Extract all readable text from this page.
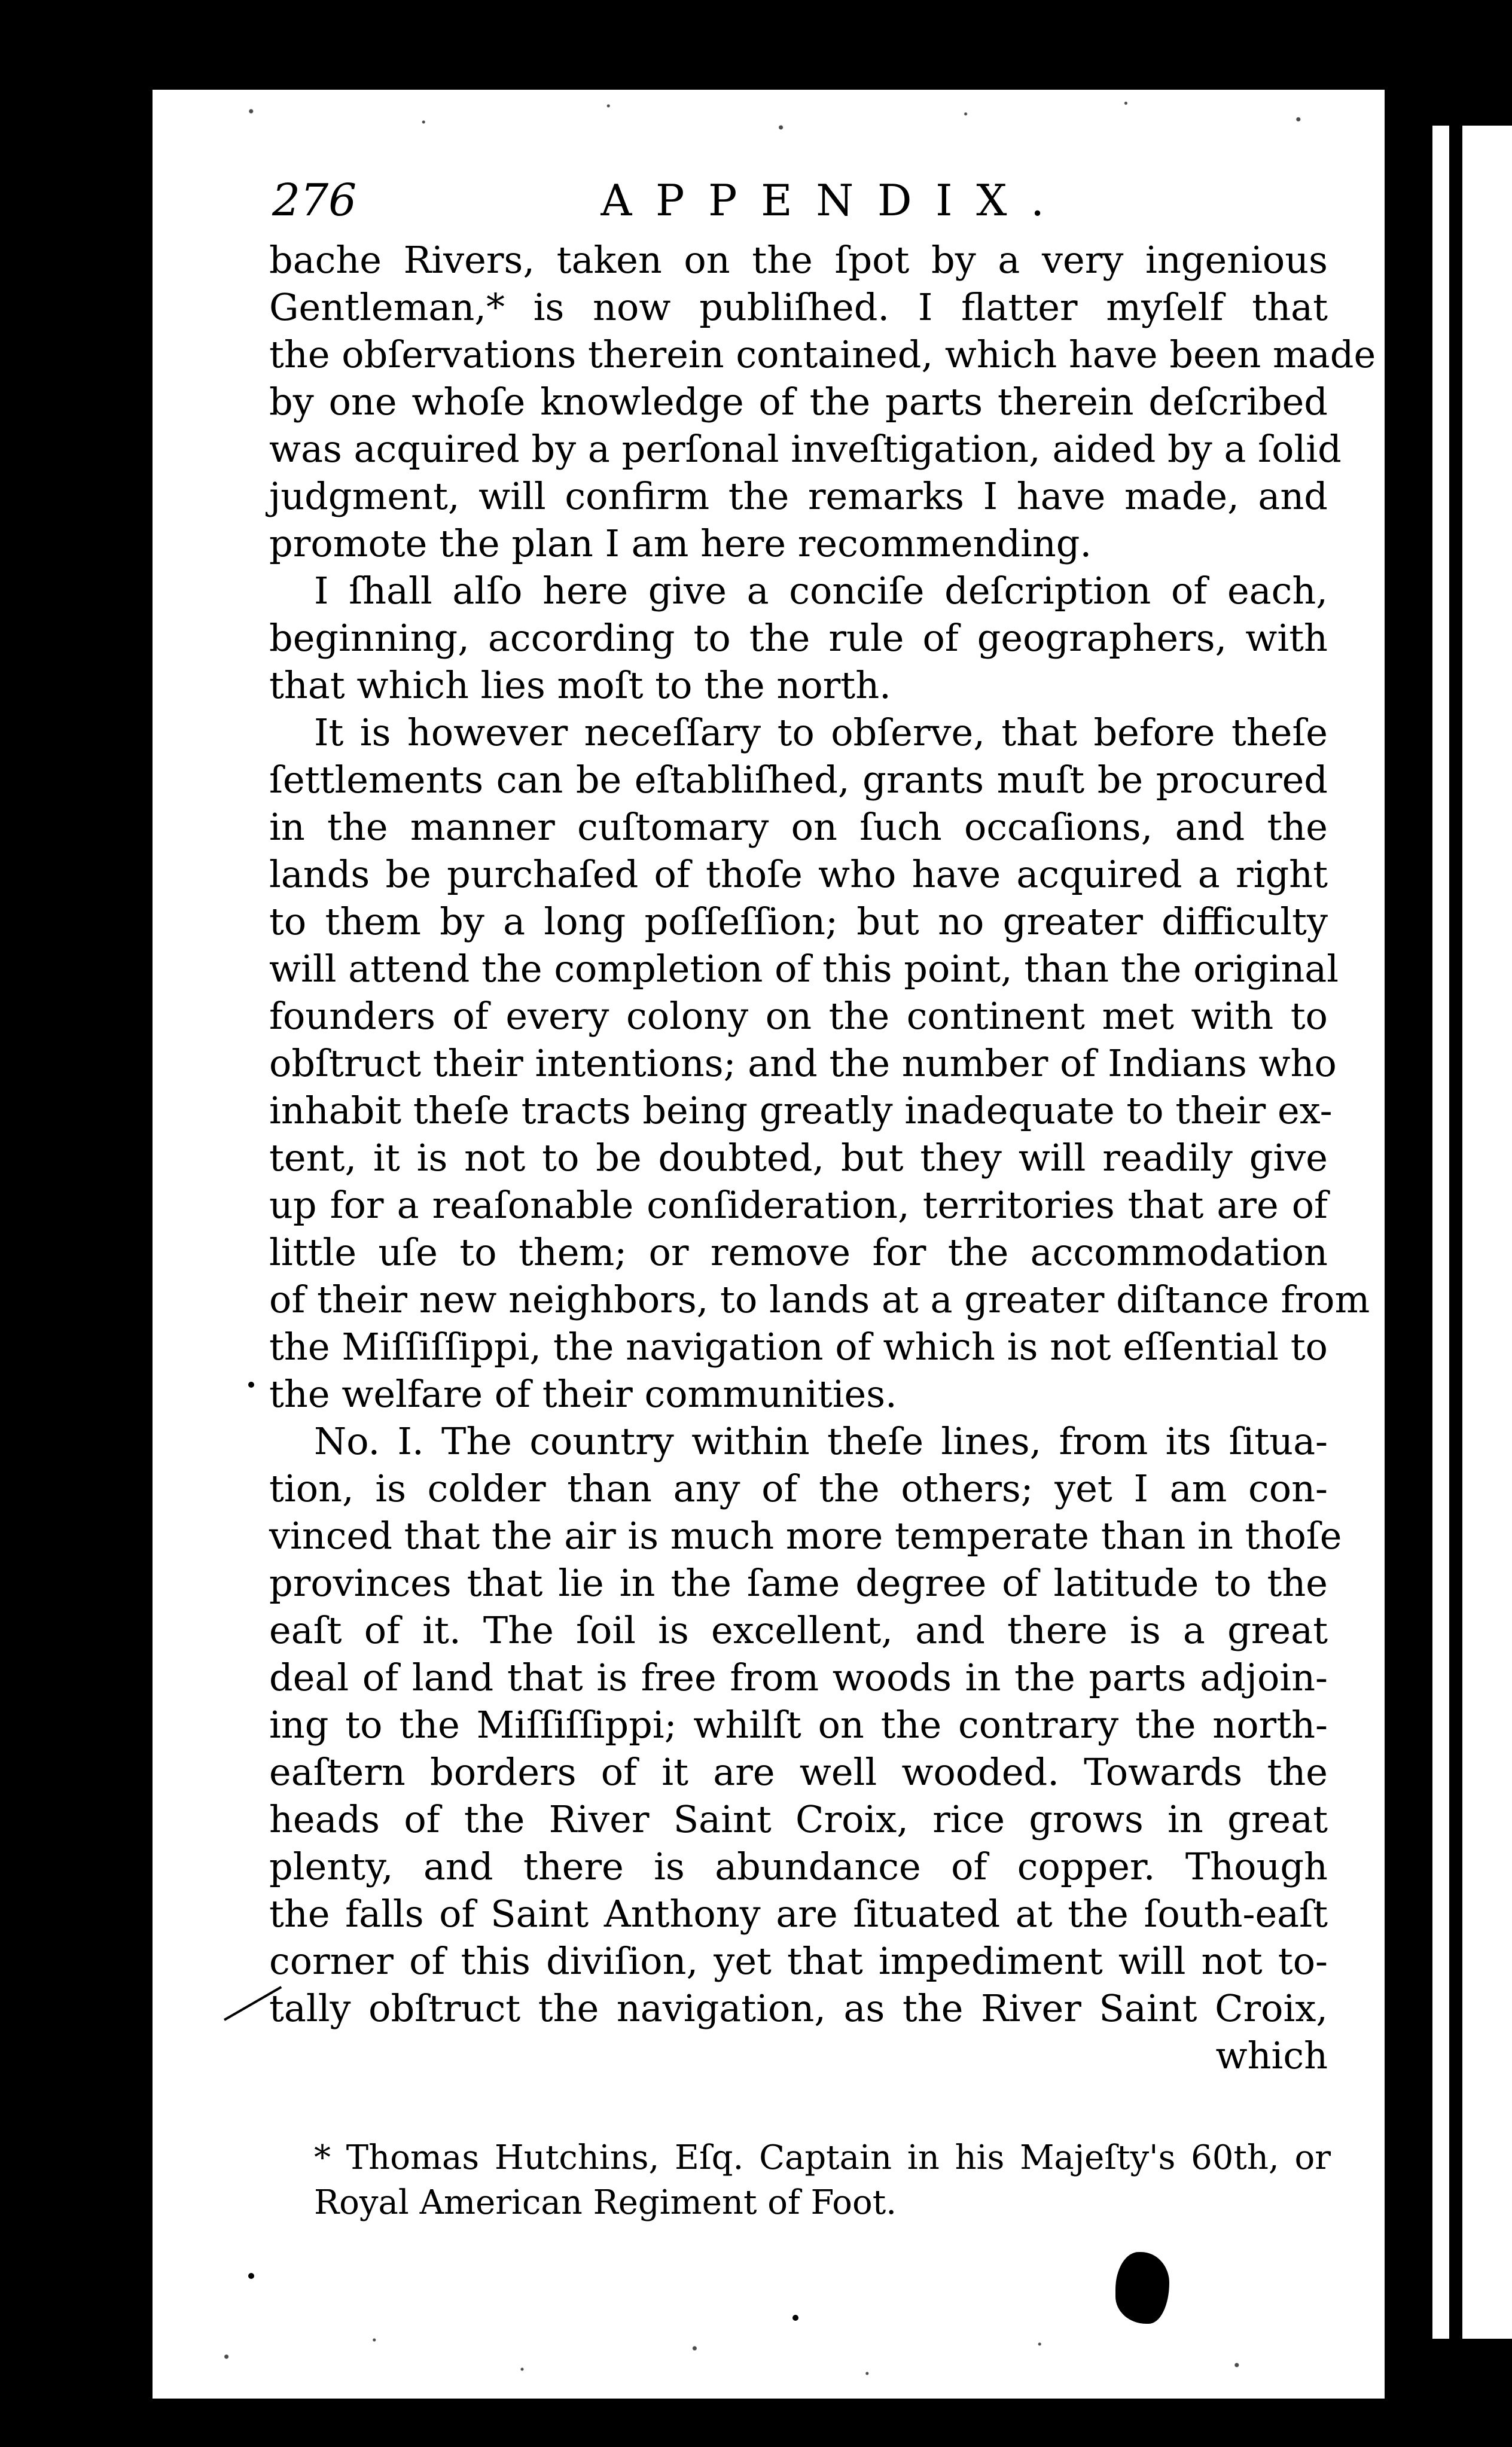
276	APPENDIX.
bache Rivers, taken on the ſpot by a very ingenious
Gentleman,* is now publiſhed. I flatter myſelf that
the obſervations therein contained, which have been made
by one whoſe knowledge of the parts therein deſcribed
was acquired by a perſonal inveſtigation, aided by a ſolid
judgment, will confirm the remarks I have made, and
promote the plan I am here recommending.
I ſhall alſo here give a conciſe deſcription of each,
beginning, according to the rule of geographers, with
that which lies moſt to the north.
It is however neceſſary to obſerve, that before theſe
ſettlements can be eſtabliſhed, grants muſt be procured
in the manner cuſtomary on ſuch occaſions, and the
lands be purchaſed of thoſe who have acquired a right
to them by a long poſſeſſion; but no greater difficulty
will attend the completion of this point, than the original
founders of every colony on the continent met with to
obſtruct their intentions; and the number of Indians who
inhabit theſe tracts being greatly inadequate to their ex-
tent, it is not to be doubted, but they will readily give
up for a reaſonable conſideration, territories that are of
little uſe to them; or remove for the accommodation
of their new neighbors, to lands at a greater diſtance from
the Miſſiſſippi, the navigation of which is not eſſential to
the welfare of their communities.
No. I. The country within theſe lines, from its ſitua-
tion, is colder than any of the others; yet I am con-
vinced that the air is much more temperate than in thoſe
provinces that lie in the ſame degree of latitude to the
eaſt of it. The ſoil is excellent, and there is a great
deal of land that is free from woods in the parts adjoin-
ing to the Miſſiſſippi; whilſt on the contrary the north-
eaſtern borders of it are well wooded. Towards the
heads of the River Saint Croix, rice grows in great
plenty, and there is abundance of copper. Though
the falls of Saint Anthony are ſituated at the ſouth-eaſt
corner of this diviſion, yet that impediment will not to-
tally obſtruct the navigation, as the River Saint Croix,
which
* Thomas Hutchins, Eſq. Captain in his Majeſty's 60th, or
Royal American Regiment of Foot.
